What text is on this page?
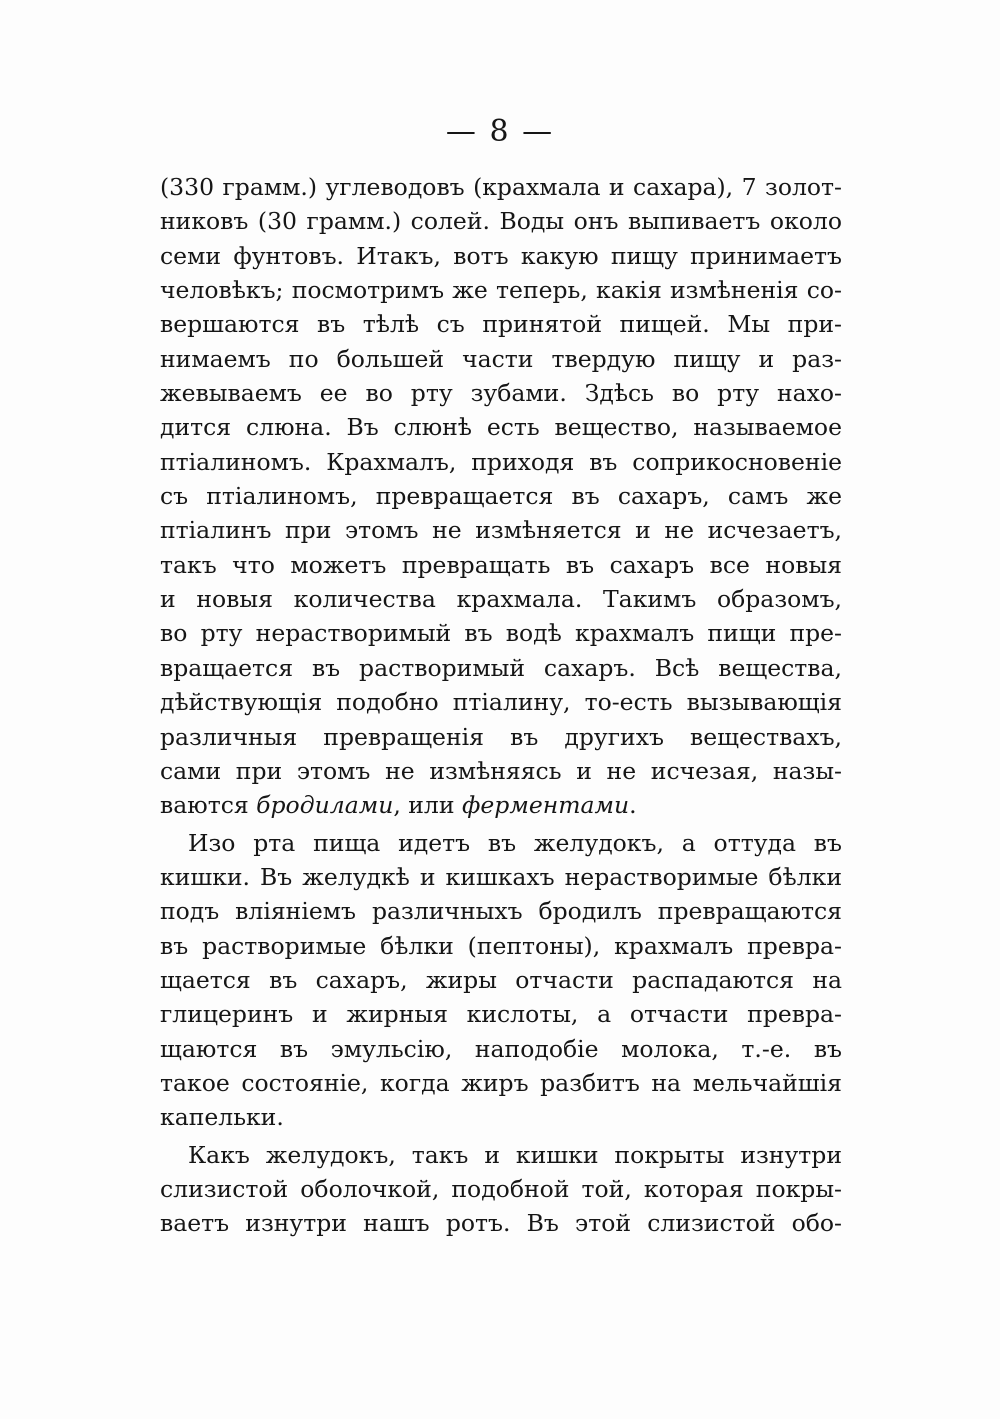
— 8 —
(330 грамм.) углеводовъ (крахмала и сахара), 7 золот-
никовъ (30 грамм.) солей. Воды онъ выпиваетъ около
семи фунтовъ. Итакъ, вотъ какую пищу принимаетъ
человѣкъ; посмотримъ же теперь, какія измѣненія со-
вершаются въ тѣлѣ съ принятой пищей. Мы при-
нимаемъ по большей части твердую пищу и раз-
жевываемъ ее во рту зубами. Здѣсь во рту нахо-
дится слюна. Въ слюнѣ есть вещество, называемое
птіалиномъ. Крахмалъ, приходя въ соприкосновеніе
съ птіалиномъ, превращается въ сахаръ, самъ же
птіалинъ при этомъ не измѣняется и не исчезаетъ,
такъ что можетъ превращать въ сахаръ все новыя
и новыя количества крахмала. Такимъ образомъ,
во рту нерастворимый въ водѣ крахмалъ пищи пре-
вращается въ растворимый сахаръ. Всѣ вещества,
дѣйствующія подобно птіалину, то-есть вызывающія
различныя превращенія въ другихъ веществахъ,
сами при этомъ не измѣняясь и не исчезая, назы-
ваются бродилами, или ферментами.
Изо рта пища идетъ въ желудокъ, а оттуда въ
кишки. Въ желудкѣ и кишкахъ нерастворимые бѣлки
подъ вліяніемъ различныхъ бродилъ превращаются
въ растворимые бѣлки (пептоны), крахмалъ превра-
щается въ сахаръ, жиры отчасти распадаются на
глицеринъ и жирныя кислоты, а отчасти превра-
щаются въ эмульсію, наподобіе молока, т.-е. въ
такое состояніе, когда жиръ разбитъ на мельчайшія
капельки.
Какъ желудокъ, такъ и кишки покрыты изнутри
слизистой оболочкой, подобной той, которая покры-
ваетъ изнутри нашъ ротъ. Въ этой слизистой обо-
